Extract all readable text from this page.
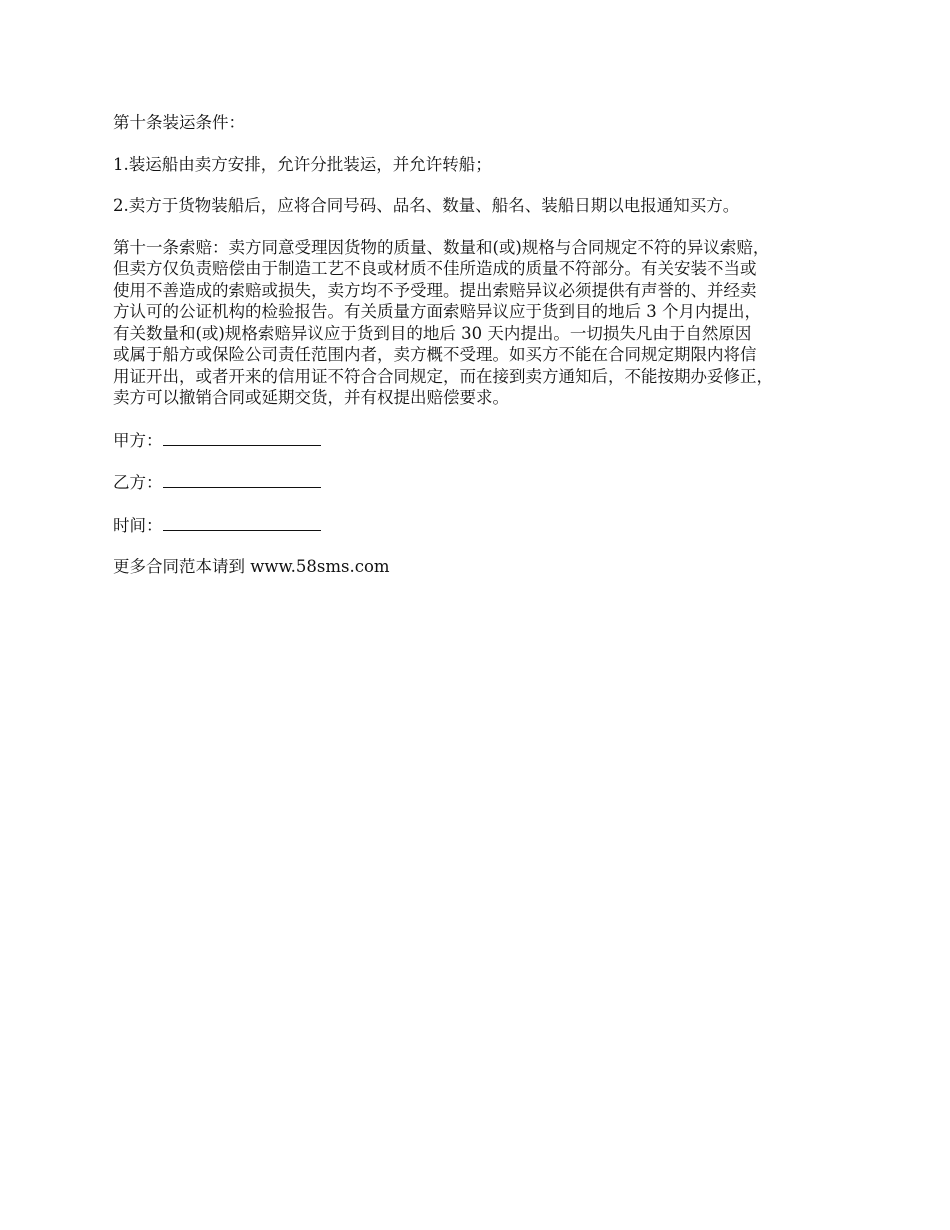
第十条装运条件：

1.装运船由卖方安排，允许分批装运，并允许转船；

2.卖方于货物装船后，应将合同号码、品名、数量、船名、装船日期以电报通知买方。

第十一条索赔：卖方同意受理因货物的质量、数量和(或)规格与合同规定不符的异议索赔，
但卖方仅负责赔偿由于制造工艺不良或材质不佳所造成的质量不符部分。有关安装不当或
使用不善造成的索赔或损失，卖方均不予受理。提出索赔异议必须提供有声誉的、并经卖
方认可的公证机构的检验报告。有关质量方面索赔异议应于货到目的地后 3 个月内提出，
有关数量和(或)规格索赔异议应于货到目的地后 30 天内提出。一切损失凡由于自然原因
或属于船方或保险公司责任范围内者，卖方概不受理。如买方不能在合同规定期限内将信
用证开出，或者开来的信用证不符合合同规定，而在接到卖方通知后，不能按期办妥修正，
卖方可以撤销合同或延期交货，并有权提出赔偿要求。
甲方：
乙方：
时间：

更多合同范本请到 www.58sms.com
